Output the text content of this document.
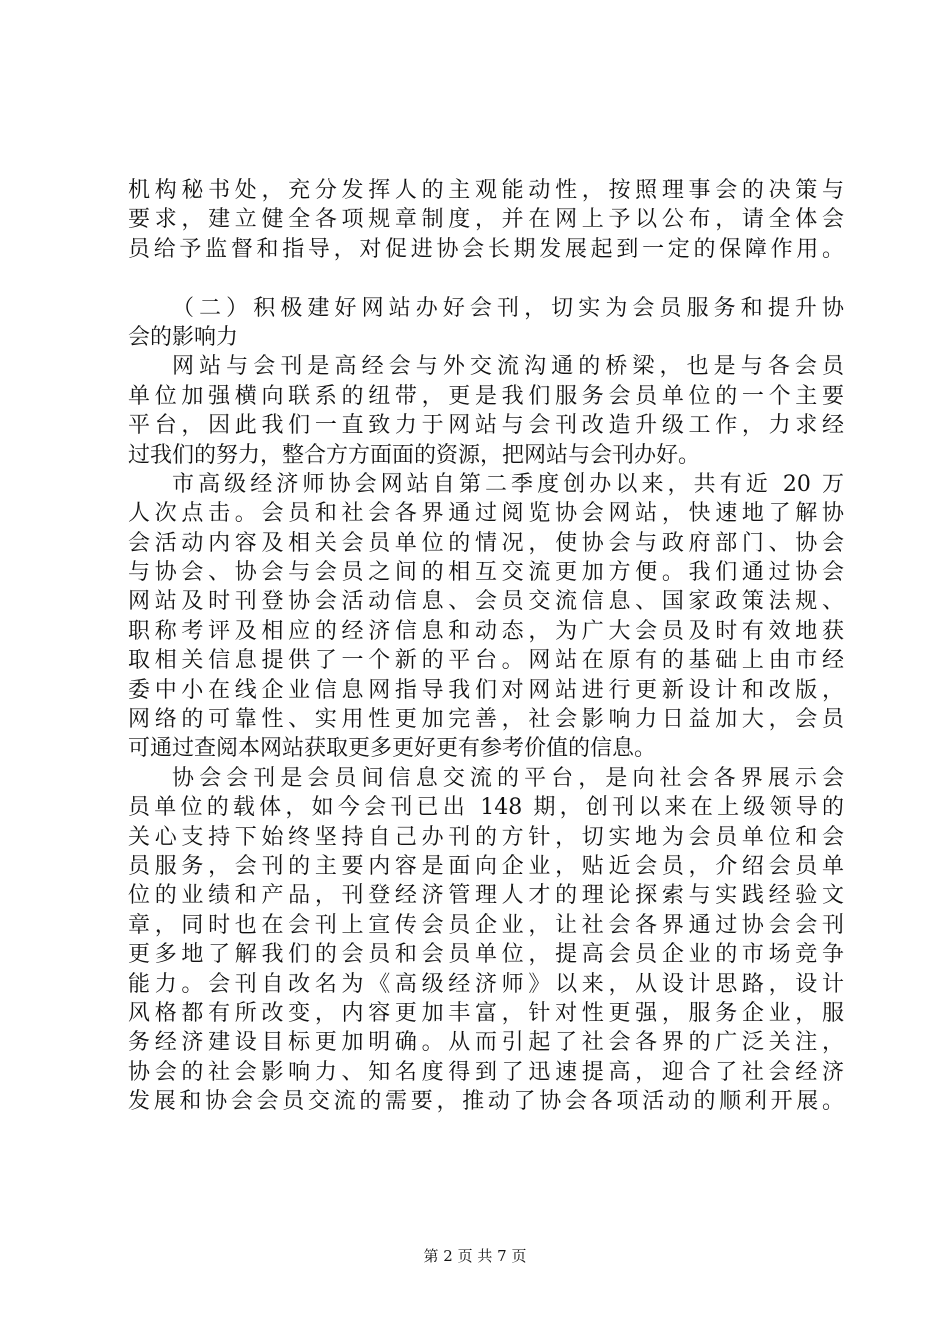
机构秘书处，充分发挥人的主观能动性，按照理事会的决策与
要求，建立健全各项规章制度，并在网上予以公布，请全体会
员给予监督和指导，对促进协会长期发展起到一定的保障作用。
（二）积极建好网站办好会刊，切实为会员服务和提升协
会的影响力
网站与会刊是高经会与外交流沟通的桥梁，也是与各会员
单位加强横向联系的纽带，更是我们服务会员单位的一个主要
平台，因此我们一直致力于网站与会刊改造升级工作，力求经
过我们的努力，整合方方面面的资源，把网站与会刊办好。
市高级经济师协会网站自第二季度创办以来，共有近 20 万
人次点击。会员和社会各界通过阅览协会网站，快速地了解协
会活动内容及相关会员单位的情况，使协会与政府部门、协会
与协会、协会与会员之间的相互交流更加方便。我们通过协会
网站及时刊登协会活动信息、会员交流信息、国家政策法规、
职称考评及相应的经济信息和动态，为广大会员及时有效地获
取相关信息提供了一个新的平台。网站在原有的基础上由市经
委中小在线企业信息网指导我们对网站进行更新设计和改版，
网络的可靠性、实用性更加完善，社会影响力日益加大，会员
可通过查阅本网站获取更多更好更有参考价值的信息。
协会会刊是会员间信息交流的平台，是向社会各界展示会
员单位的载体，如今会刊已出 148 期，创刊以来在上级领导的
关心支持下始终坚持自己办刊的方针，切实地为会员单位和会
员服务，会刊的主要内容是面向企业，贴近会员，介绍会员单
位的业绩和产品，刊登经济管理人才的理论探索与实践经验文
章，同时也在会刊上宣传会员企业，让社会各界通过协会会刊
更多地了解我们的会员和会员单位，提高会员企业的市场竞争
能力。会刊自改名为《高级经济师》以来，从设计思路，设计
风格都有所改变，内容更加丰富，针对性更强，服务企业，服
务经济建设目标更加明确。从而引起了社会各界的广泛关注，
协会的社会影响力、知名度得到了迅速提高，迎合了社会经济
发展和协会会员交流的需要，推动了协会各项活动的顺利开展。
第 2 页 共 7 页
